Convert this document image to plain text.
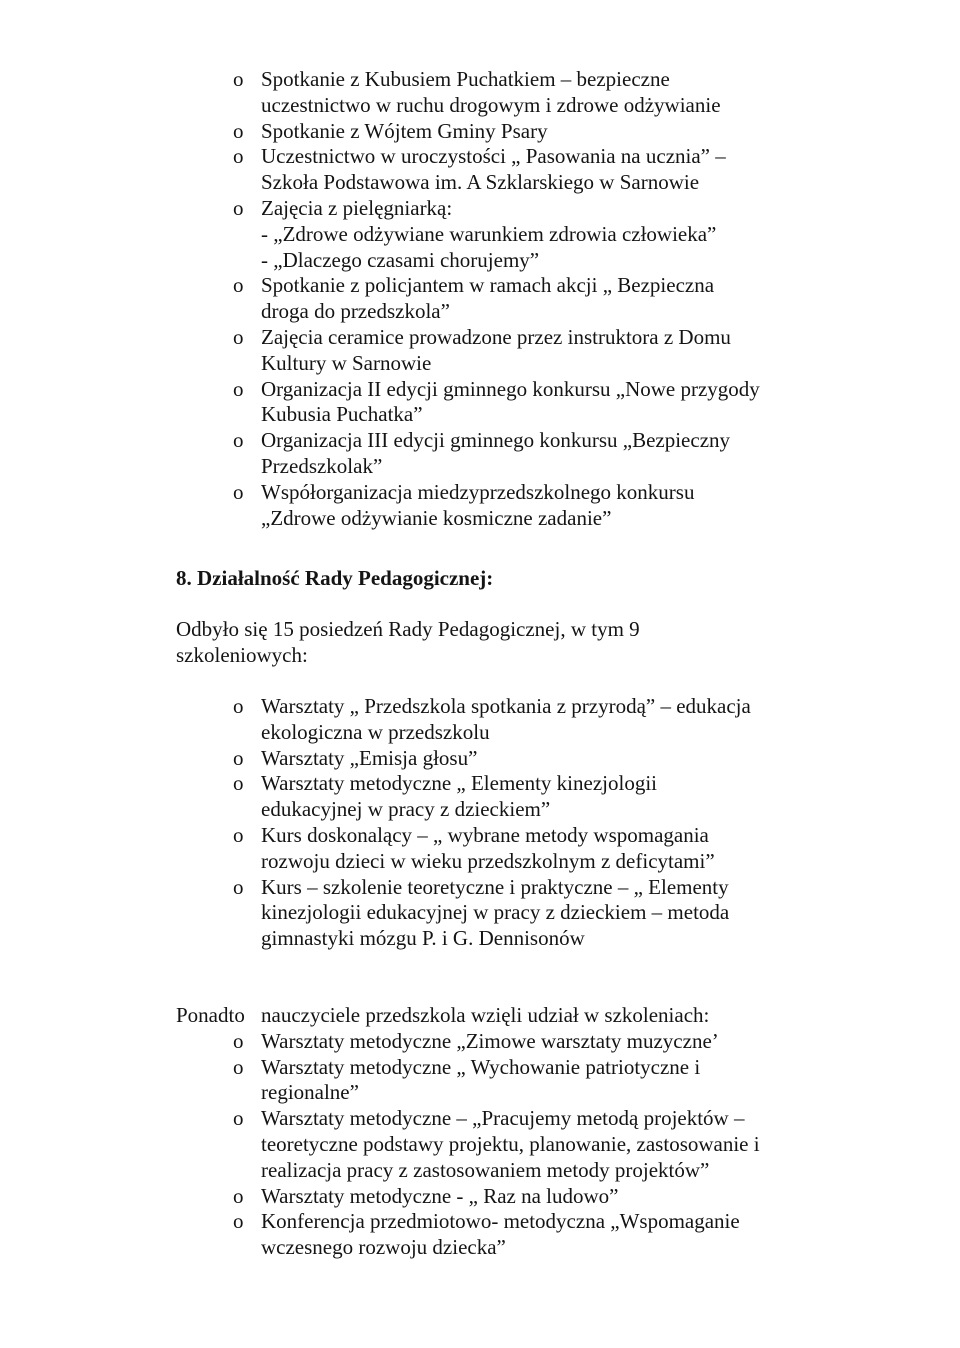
o Spotkanie z Kubusiem Puchatkiem – bezpieczne
uczestnictwo w ruchu drogowym i zdrowe odżywianie
o Spotkanie z Wójtem Gminy Psary
o Uczestnictwo w uroczystości „ Pasowania na ucznia” –
Szkoła Podstawowa im. A Szklarskiego w Sarnowie
o Zajęcia z pielęgniarką:
- „Zdrowe odżywiane warunkiem zdrowia człowieka”
- „Dlaczego czasami chorujemy”
o Spotkanie z policjantem w ramach akcji „ Bezpieczna
droga do przedszkola”
o Zajęcia ceramice prowadzone przez instruktora z Domu
Kultury w Sarnowie
o Organizacja II edycji gminnego konkursu „Nowe przygody
Kubusia Puchatka”
o Organizacja III edycji gminnego konkursu „Bezpieczny
Przedszkolak”
o Współorganizacja miedzyprzedszkolnego konkursu
„Zdrowe odżywianie kosmiczne zadanie”
8. Działalność Rady Pedagogicznej:
Odbyło się 15 posiedzeń Rady Pedagogicznej, w tym 9
szkoleniowych:
o Warsztaty „ Przedszkola spotkania z przyrodą” – edukacja
ekologiczna w przedszkolu
o Warsztaty „Emisja głosu”
o Warsztaty metodyczne „ Elementy kinezjologii
edukacyjnej w pracy z dzieckiem”
o Kurs doskonalący – „ wybrane metody wspomagania
rozwoju dzieci w wieku przedszkolnym z deficytami”
o Kurs – szkolenie teoretyczne i praktyczne – „ Elementy
kinezjologii edukacyjnej w pracy z dzieckiem – metoda
gimnastyki mózgu P. i G. Dennisonów
Ponadto nauczyciele przedszkola wzięli udział w szkoleniach:
o Warsztaty metodyczne „Zimowe warsztaty muzyczne’
o Warsztaty metodyczne „ Wychowanie patriotyczne i
regionalne”
o Warsztaty metodyczne – „Pracujemy metodą projektów –
teoretyczne podstawy projektu, planowanie, zastosowanie i
realizacja pracy z zastosowaniem metody projektów”
o Warsztaty metodyczne - „ Raz na ludowo”
o Konferencja przedmiotowo- metodyczna „Wspomaganie
wczesnego rozwoju dziecka”
